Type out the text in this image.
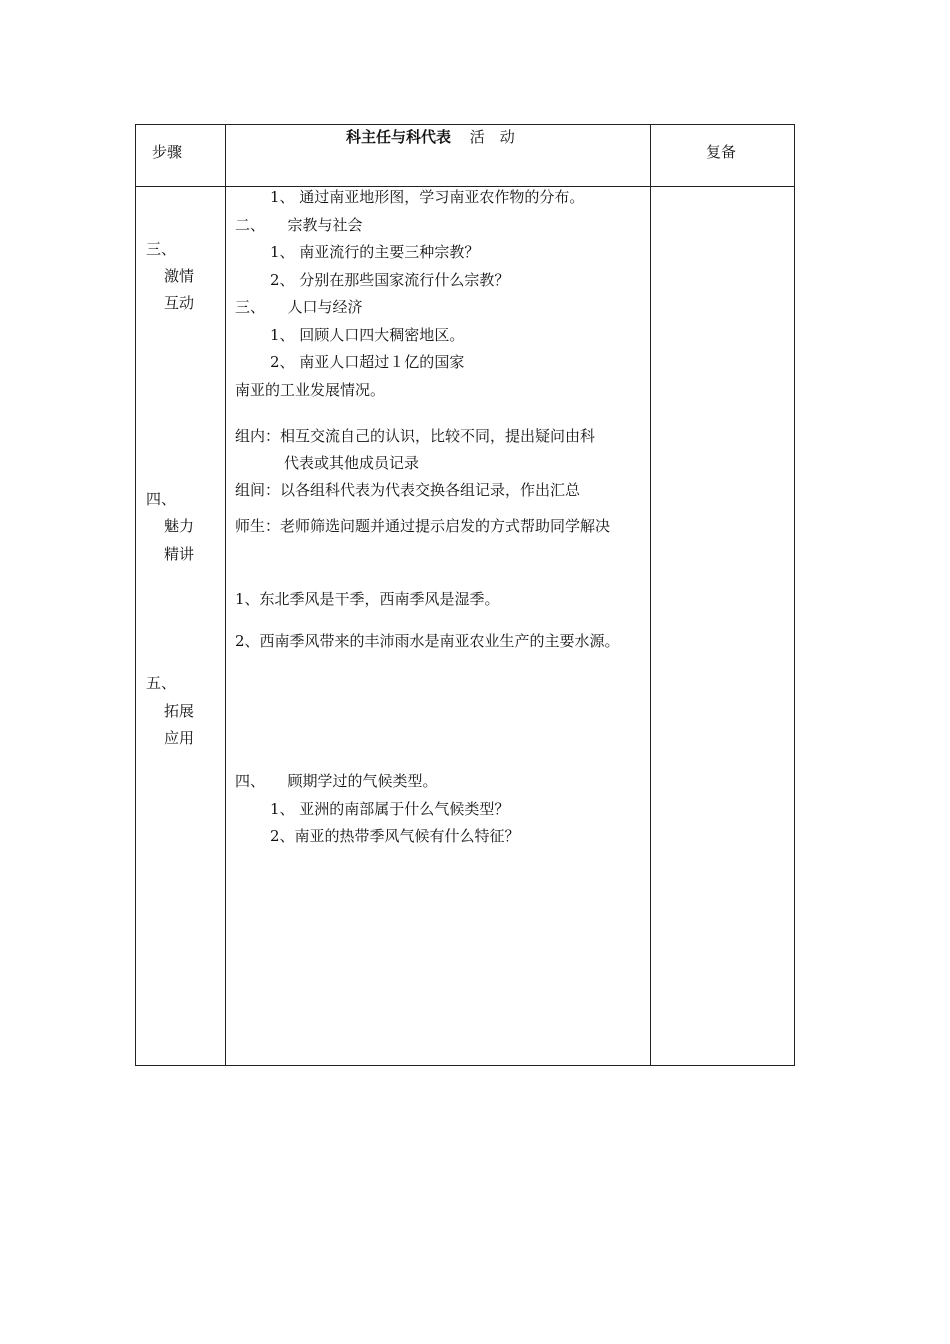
步骤
科主任与科代表 活　动
复备
三、
激情
互动
四、
魅力
精讲
五、
拓展
应用
1、 通过南亚地形图，学习南亚农作物的分布。
二、　　宗教与社会
1、 南亚流行的主要三种宗教？
2、 分别在那些国家流行什么宗教？
三、　　人口与经济
1、 回顾人口四大稠密地区。
2、 南亚人口超过１亿的国家
南亚的工业发展情况。
组内：相互交流自己的认识，比较不同，提出疑问由科
代表或其他成员记录
组间：以各组科代表为代表交换各组记录，作出汇总
师生：老师筛选问题并通过提示启发的方式帮助同学解决
1、东北季风是干季，西南季风是湿季。
2、西南季风带来的丰沛雨水是南亚农业生产的主要水源。
四、　　顾期学过的气候类型。
1、 亚洲的南部属于什么气候类型？
2、南亚的热带季风气候有什么特征？
